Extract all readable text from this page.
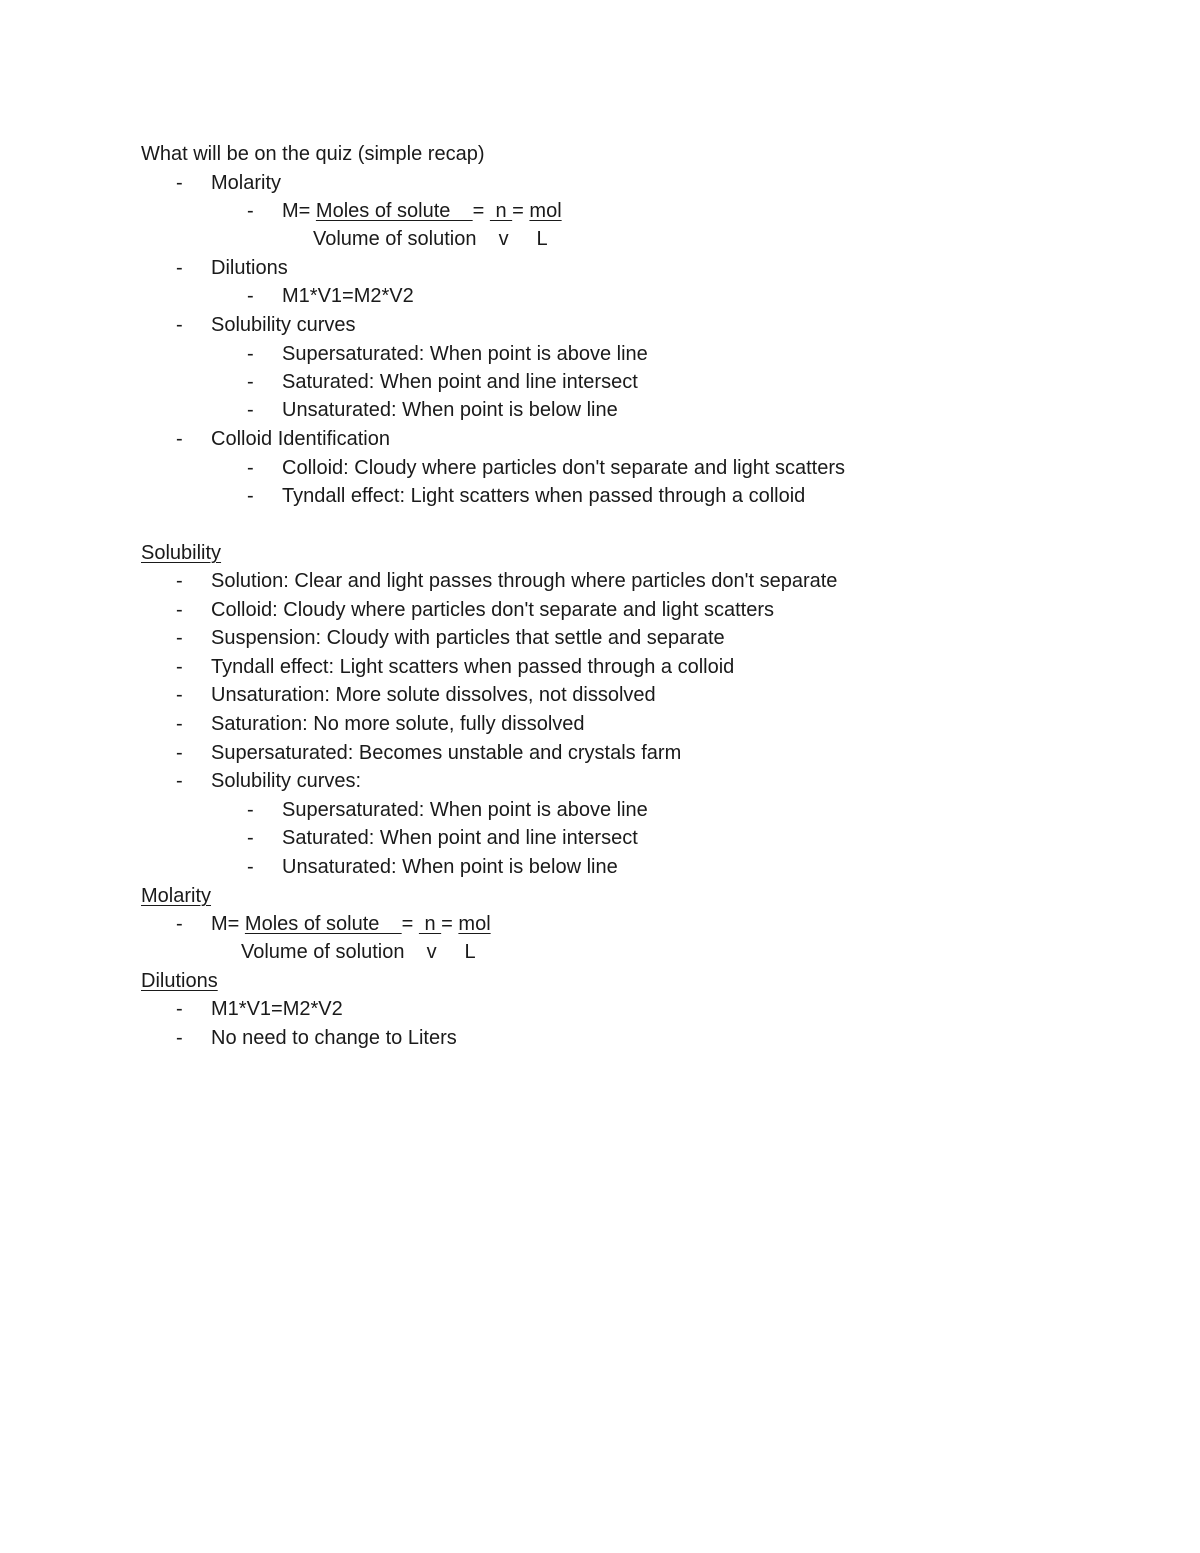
What will be on the quiz (simple recap)
- Molarity
- M= Moles of solute    =  n = mol
Volume of solution    v     L
- Dilutions
- M1*V1=M2*V2
- Solubility curves
- Supersaturated: When point is above line
- Saturated: When point and line intersect
- Unsaturated: When point is below line
- Colloid Identification
- Colloid: Cloudy where particles don't separate and light scatters
- Tyndall effect: Light scatters when passed through a colloid
Solubility
- Solution: Clear and light passes through where particles don't separate
- Colloid: Cloudy where particles don't separate and light scatters
- Suspension: Cloudy with particles that settle and separate
- Tyndall effect: Light scatters when passed through a colloid
- Unsaturation: More solute dissolves, not dissolved
- Saturation: No more solute, fully dissolved
- Supersaturated: Becomes unstable and crystals farm
- Solubility curves:
- Supersaturated: When point is above line
- Saturated: When point and line intersect
- Unsaturated: When point is below line
Molarity
- M= Moles of solute    =  n = mol
Volume of solution    v     L
Dilutions
- M1*V1=M2*V2
- No need to change to Liters
